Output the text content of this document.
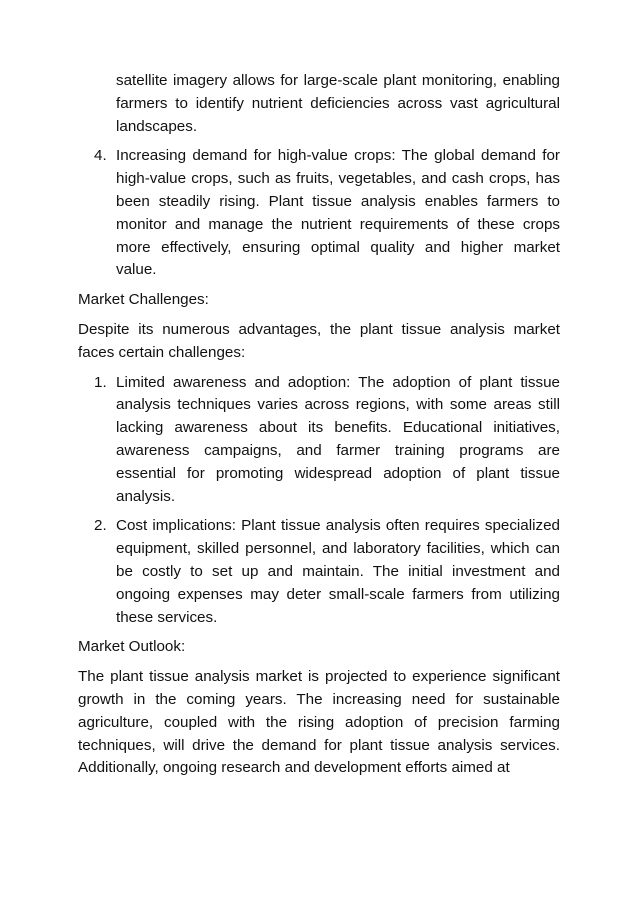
satellite imagery allows for large-scale plant monitoring, enabling farmers to identify nutrient deficiencies across vast agricultural landscapes.

4. Increasing demand for high-value crops: The global demand for high-value crops, such as fruits, vegetables, and cash crops, has been steadily rising. Plant tissue analysis enables farmers to monitor and manage the nutrient requirements of these crops more effectively, ensuring optimal quality and higher market value.

Market Challenges:

Despite its numerous advantages, the plant tissue analysis market faces certain challenges:

1. Limited awareness and adoption: The adoption of plant tissue analysis techniques varies across regions, with some areas still lacking awareness about its benefits. Educational initiatives, awareness campaigns, and farmer training programs are essential for promoting widespread adoption of plant tissue analysis.
2. Cost implications: Plant tissue analysis often requires specialized equipment, skilled personnel, and laboratory facilities, which can be costly to set up and maintain. The initial investment and ongoing expenses may deter small-scale farmers from utilizing these services.

Market Outlook:

The plant tissue analysis market is projected to experience significant growth in the coming years. The increasing need for sustainable agriculture, coupled with the rising adoption of precision farming techniques, will drive the demand for plant tissue analysis services. Additionally, ongoing research and development efforts aimed at
